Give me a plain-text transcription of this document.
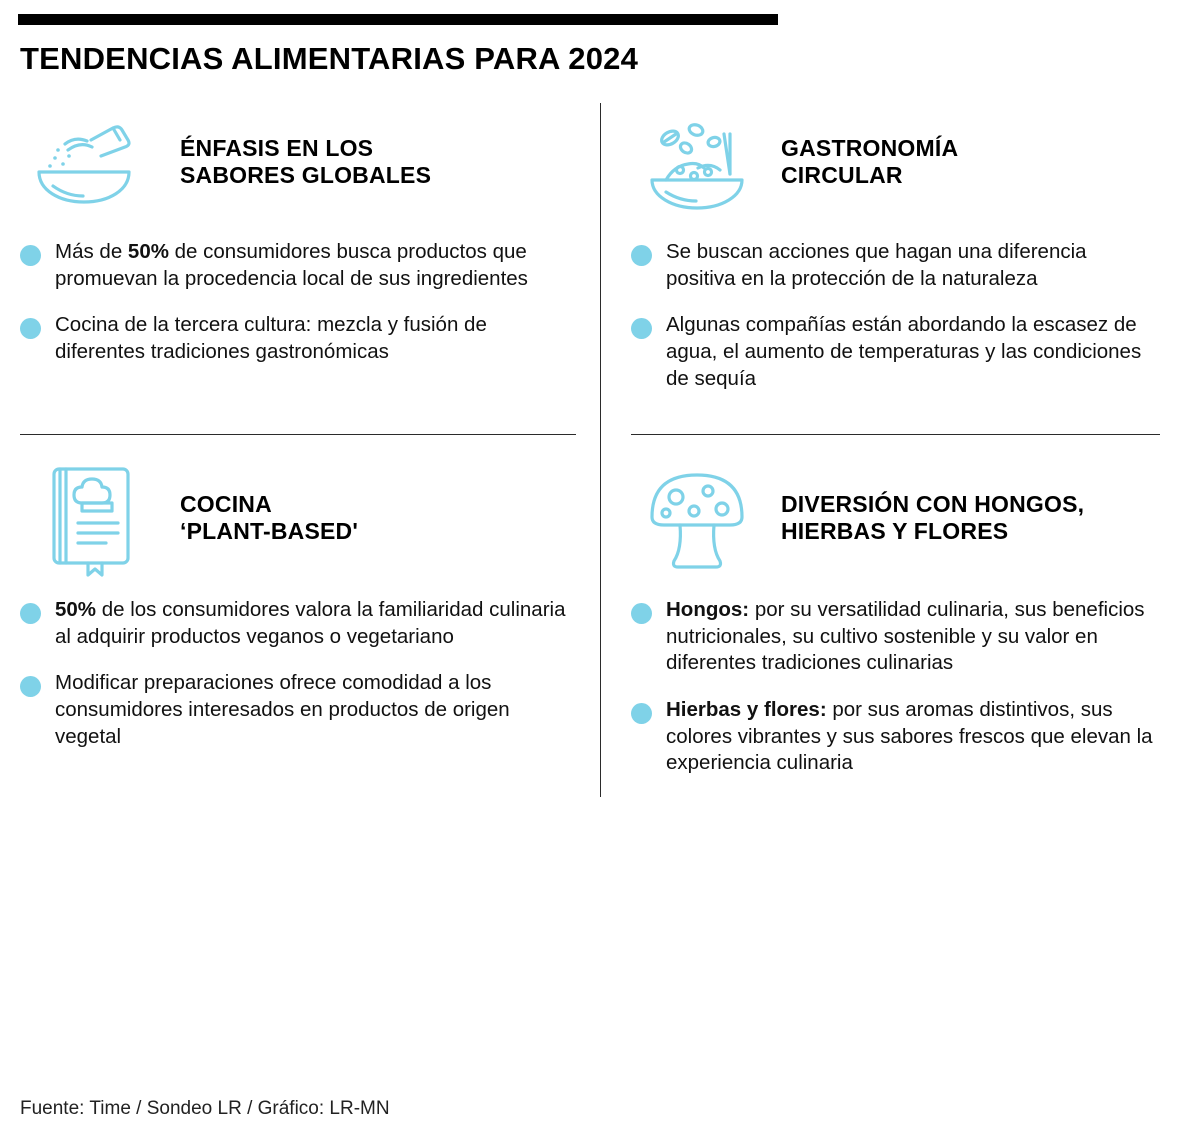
TENDENCIAS ALIMENTARIAS PARA 2024
ÉNFASIS EN LOS
SABORES GLOBALES
Más de 50% de consumidores busca productos que promuevan la procedencia local de sus ingredientes
Cocina de la tercera cultura: mezcla y fusión de diferentes tradiciones gastronómicas
GASTRONOMÍA
CIRCULAR
Se buscan acciones que hagan una diferencia positiva en la protección de la naturaleza
Algunas compañías están abordando la escasez de agua, el aumento de temperaturas y las condiciones de sequía
COCINA
‘PLANT-BASED'
50% de los consumidores valora la familiaridad culinaria al adquirir productos veganos o vegetariano
Modificar preparaciones ofrece comodidad a los consumidores interesados en productos de origen vegetal
DIVERSIÓN CON HONGOS,
HIERBAS Y FLORES
Hongos: por su versatilidad culinaria, sus beneficios nutricionales, su cultivo sostenible y su valor en diferentes tradiciones culinarias
Hierbas y flores: por sus aromas distintivos, sus colores vibrantes y sus sabores frescos que elevan la experiencia culinaria
Fuente: Time / Sondeo LR / Gráfico: LR-MN
